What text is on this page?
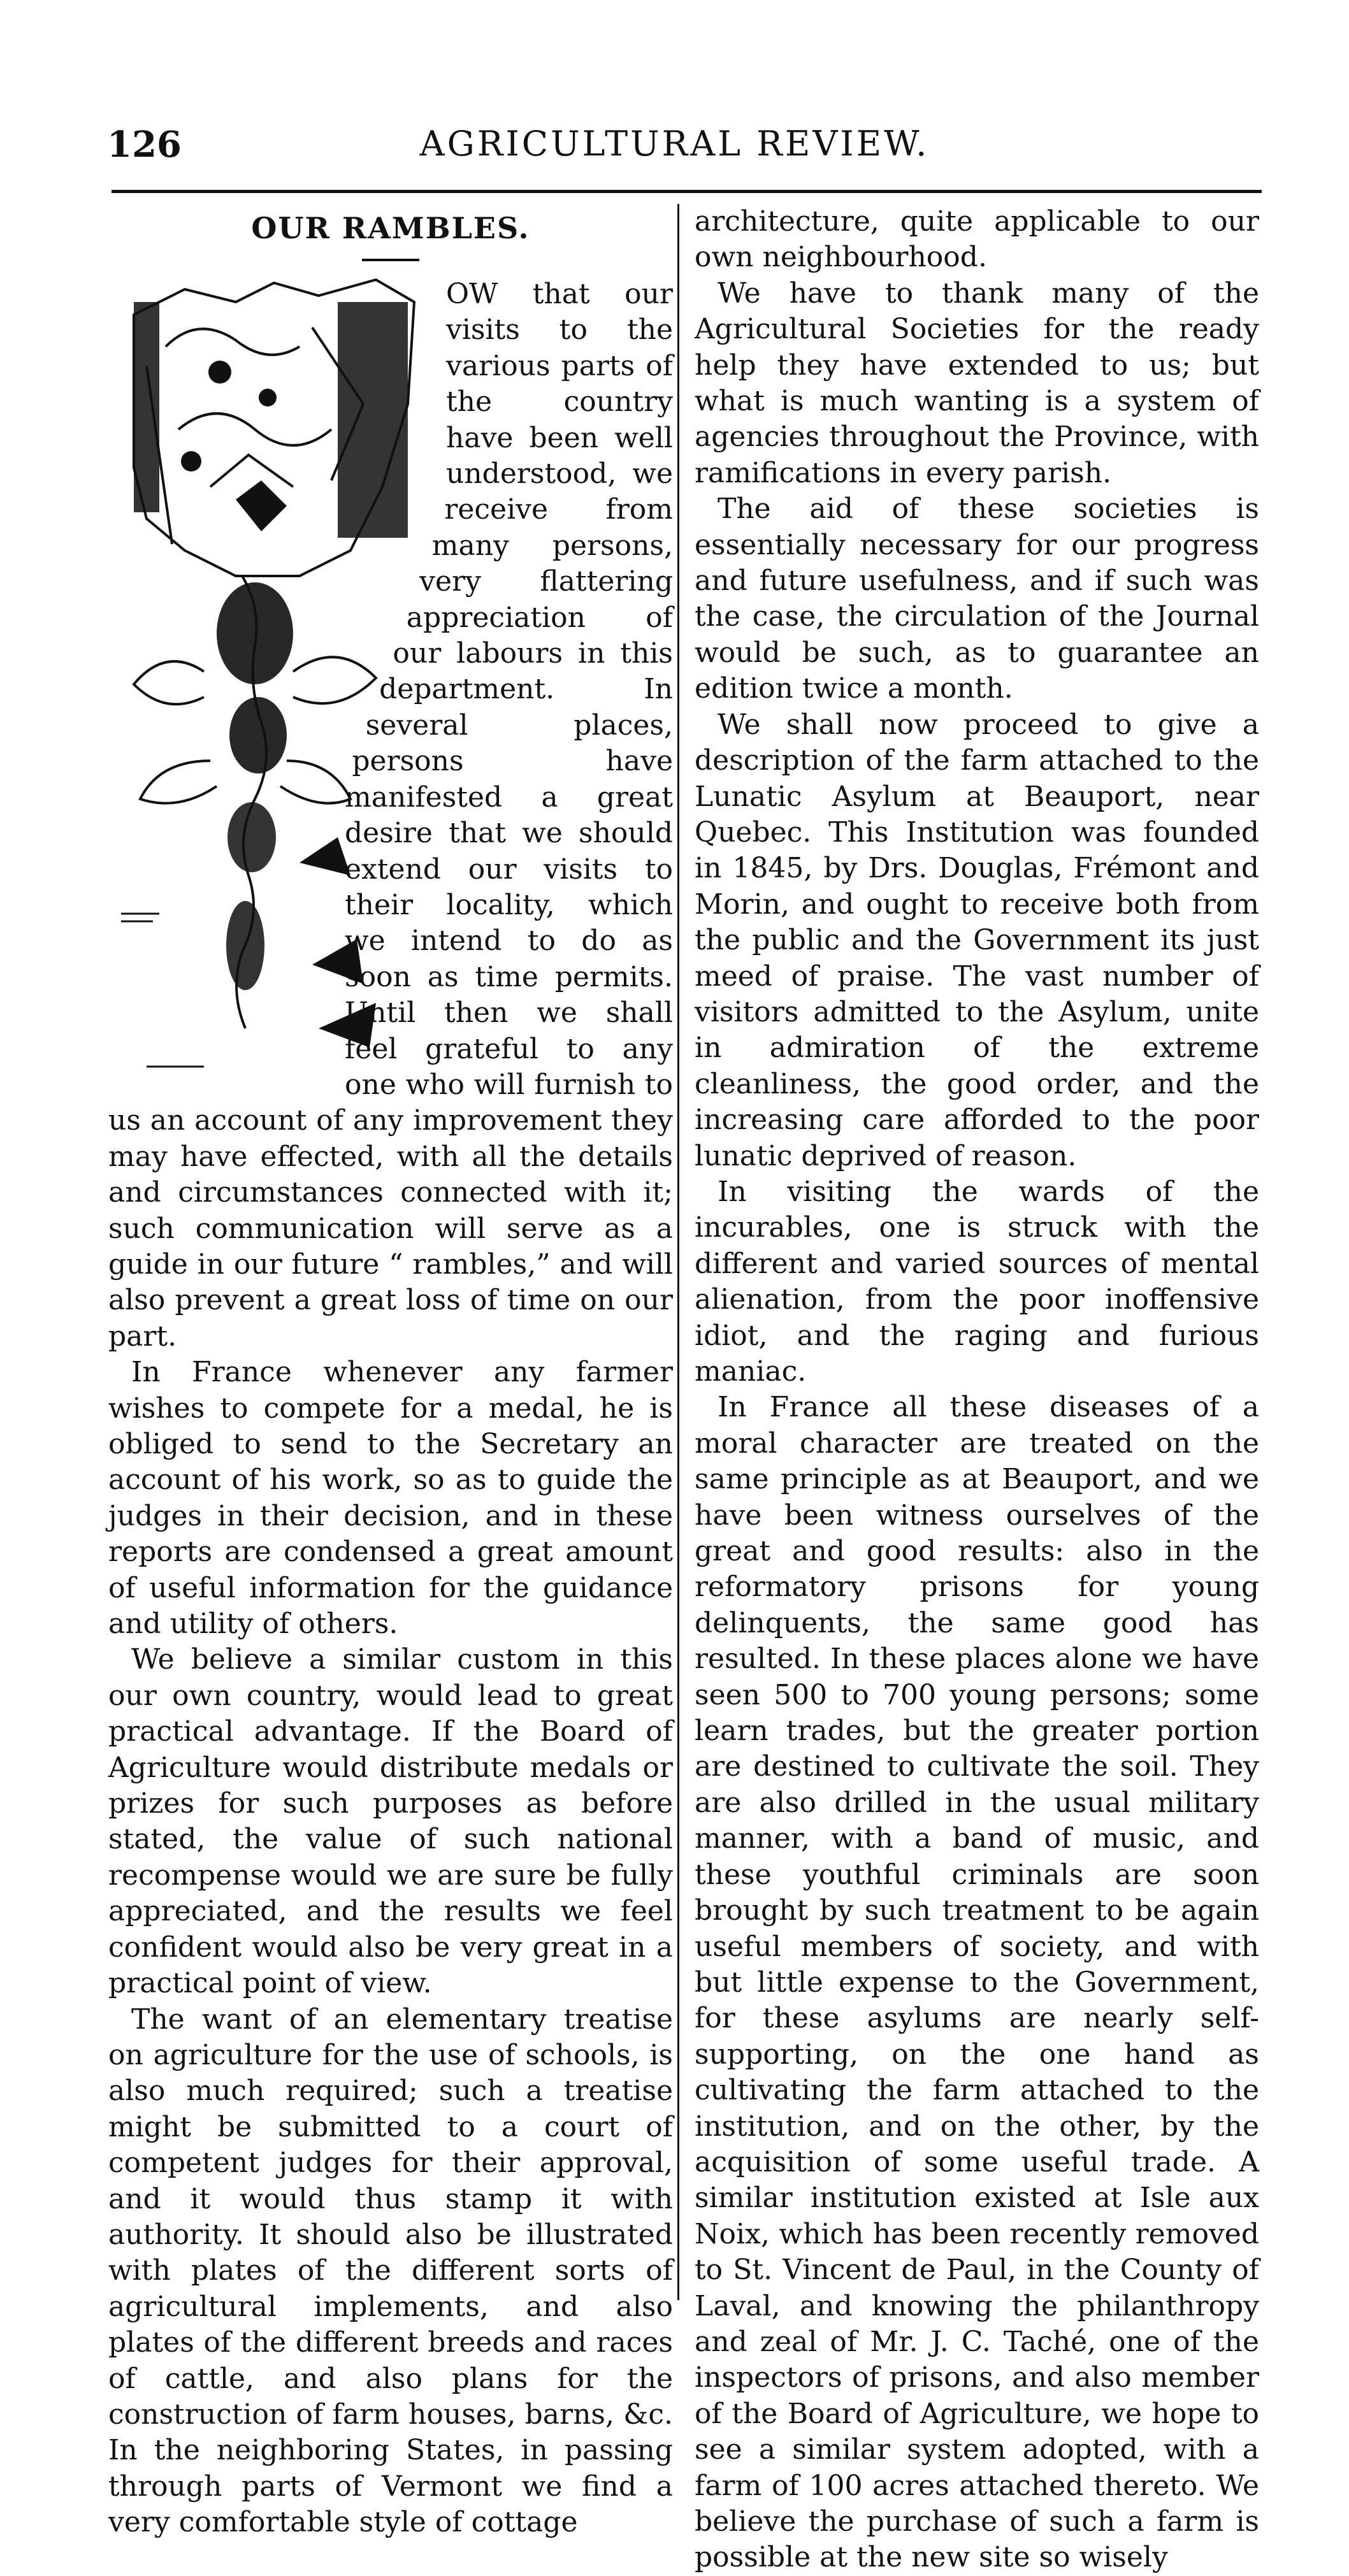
126	AGRICULTURAL REVIEW.
OUR RAMBLES.

OW that our visits to the various parts of the country have been well understood, we receive from many persons, very flattering appreciation of our labours in this department. In several places, persons have manifested a great desire that we should extend our visits to their locality, which we intend to do as soon as time permits. Until then we shall feel grateful to any one who will furnish to us an account of any improvement they may have effected, with all the details and circumstances connected with it; such communication will serve as a guide in our future “ rambles,” and will also prevent a great loss of time on our part.

In France whenever any farmer wishes to compete for a medal, he is obliged to send to the Secretary an account of his work, so as to guide the judges in their decision, and in these reports are condensed a great amount of useful information for the guidance and utility of others.

We believe a similar custom in this our own country, would lead to great practical advantage. If the Board of Agriculture would distribute medals or prizes for such purposes as before stated, the value of such national recompense would we are sure be fully appreciated, and the results we feel confident would also be very great in a practical point of view.

The want of an elementary treatise on agriculture for the use of schools, is also much required; such a treatise might be submitted to a court of competent judges for their approval, and it would thus stamp it with authority. It should also be illustrated with plates of the different sorts of agricultural implements, and also plates of the different breeds and races of cattle, and also plans for the construction of farm houses, barns, &c. In the neighboring States, in passing through parts of Vermont we find a very comfortable style of cottage

architecture, quite applicable to our own neighbourhood.

We have to thank many of the Agricultural Societies for the ready help they have extended to us; but what is much wanting is a system of agencies throughout the Province, with ramifications in every parish.

The aid of these societies is essentially necessary for our progress and future usefulness, and if such was the case, the circulation of the Journal would be such, as to guarantee an edition twice a month.

We shall now proceed to give a description of the farm attached to the Lunatic Asylum at Beauport, near Quebec. This Institution was founded in 1845, by Drs. Douglas, Frémont and Morin, and ought to receive both from the public and the Government its just meed of praise. The vast number of visitors admitted to the Asylum, unite in admiration of the extreme cleanliness, the good order, and the increasing care afforded to the poor lunatic deprived of reason.

In visiting the wards of the incurables, one is struck with the different and varied sources of mental alienation, from the poor inoffensive idiot, and the raging and furious maniac.

In France all these diseases of a moral character are treated on the same principle as at Beauport, and we have been witness ourselves of the great and good results: also in the reformatory prisons for young delinquents, the same good has resulted. In these places alone we have seen 500 to 700 young persons; some learn trades, but the greater portion are destined to cultivate the soil. They are also drilled in the usual military manner, with a band of music, and these youthful criminals are soon brought by such treatment to be again useful members of society, and with but little expense to the Government, for these asylums are nearly self-supporting, on the one hand as cultivating the farm attached to the institution, and on the other, by the acquisition of some useful trade. A similar institution existed at Isle aux Noix, which has been recently removed to St. Vincent de Paul, in the County of Laval, and knowing the philanthropy and zeal of Mr. J. C. Taché, one of the inspectors of prisons, and also member of the Board of Agriculture, we hope to see a similar system adopted, with a farm of 100 acres attached thereto. We believe the purchase of such a farm is possible at the new site so wisely
